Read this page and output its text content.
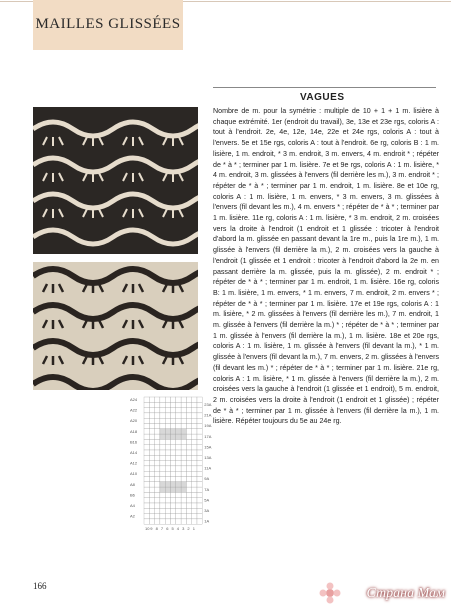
MAILLES GLISSÉES
VAGUES
Nombre de m. pour la symétrie : multiple de 10 + 1 + 1 m. lisière à chaque extrémité. 1er (endroit du travail), 3e, 13e et 23e rgs, coloris A : tout à l'endroit. 2e, 4e, 12e, 14e, 22e et 24e rgs, coloris A : tout à l'envers. 5e et 15e rgs, coloris A : tout à l'endroit. 6e rg, coloris B : 1 m. lisière, 1 m. endroit, * 3 m. endroit, 3 m. envers, 4 m. endroit * ; répéter de * à * ; terminer par 1 m. lisière. 7e et 9e rgs, coloris A : 1 m. lisière, * 4 m. endroit, 3 m. glissées à l'envers (fil derrière les m.), 3 m. endroit * ; répéter de * à * ; terminer par 1 m. endroit, 1 m. lisière. 8e et 10e rg, coloris A : 1 m. lisière, 1 m. envers, * 3 m. envers, 3 m. glissées à l'envers (fil devant les m.), 4 m. envers * ; répéter de * à * ; terminer par 1 m. lisière. 11e rg, coloris A : 1 m. lisière, * 3 m. endroit, 2 m. croisées vers la droite à l'endroit (1 endroit et 1 glissée : tricoter à l'endroit d'abord la m. glissée en passant devant la 1re m., puis la 1re m.), 1 m. glissée à l'envers (fil derrière la m.), 2 m. croisées vers la gauche à l'endroit (1 glissée et 1 endroit : tricoter à l'endroit d'abord la 2e m. en passant derrière la m. glissée, puis la m. glissée), 2 m. endroit * ; répéter de * à * ; terminer par 1 m. endroit, 1 m. lisière. 16e rg, coloris B: 1 m. lisière, 1 m. envers, * 1 m. envers, 7 m. endroit, 2 m. envers * ; répéter de * à * ; terminer par 1 m. lisière. 17e et 19e rgs, coloris A : 1 m. lisière, * 2 m. glissées à l'envers (fil derrière les m.), 7 m. endroit, 1 m. glissée à l'envers (fil derrière la m.) * ; répéter de * à * ; terminer par 1 m. glissée à l'envers (fil derrière la m.), 1 m. lisière. 18e et 20e rgs, coloris A : 1 m. lisière, 1 m. glissée à l'envers (fil devant la m.), * 1 m. glissée à l'envers (fil devant la m.), 7 m. envers, 2 m. glissées à l'envers (fil devant les m.) * ; répéter de * à * ; terminer par 1 m. lisière. 21e rg, coloris A : 1 m. lisière, * 1 m. glissée à l'envers (fil derrière la m.), 2 m. croisées vers la gauche à l'endroit (1 glissée et 1 endroit), 5 m. endroit, 2 m. croisées vers la droite à l'endroit (1 endroit et 1 glissée) ; répéter de * à * ; terminer par 1 m. glissée à l'envers (fil derrière la m.), 1 m. lisière. Répéter toujours du 5e au 24e rg.
A24
A22
A20
A18
B16
A14
A12
A10
A8
B6
A4
A2
23A
21A
19A
17A
15A
13A
11A
9A
7A
5A
3A
1A
10 9 8 7 6 5 4 3 2 1
166	Страна Мам
